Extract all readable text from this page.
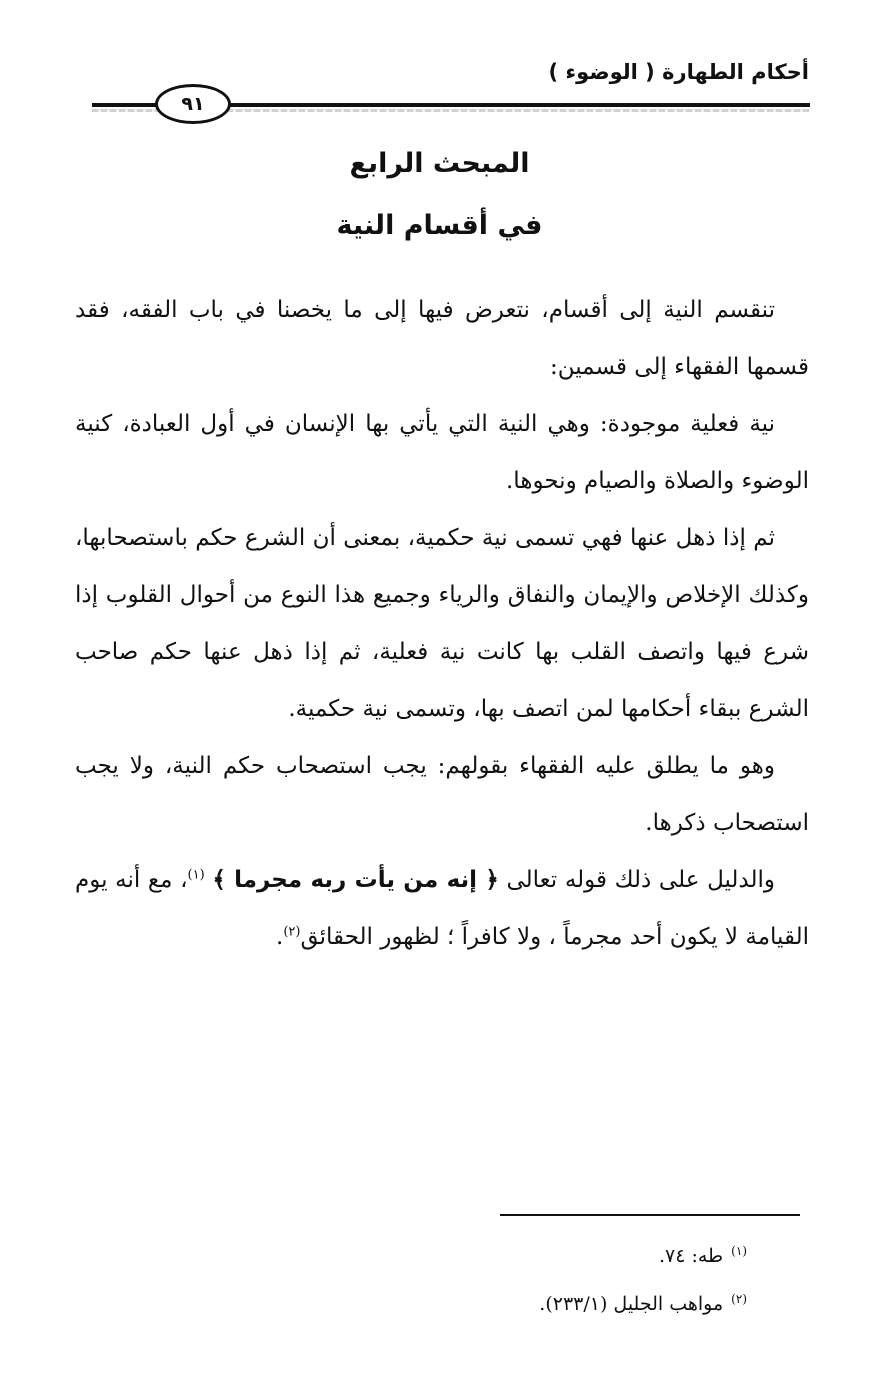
أحكام الطهارة ( الوضوء )
٩١
المبحث الرابع
في أقسام النية

تنقسم النية إلى أقسام، نتعرض فيها إلى ما يخصنا في باب الفقه، فقد قسمها الفقهاء إلى قسمين:

نية فعلية موجودة: وهي النية التي يأتي بها الإنسان في أول العبادة، كنية الوضوء والصلاة والصيام ونحوها.

ثم إذا ذهل عنها فهي تسمى نية حكمية، بمعنى أن الشرع حكم باستصحابها، وكذلك الإخلاص والإيمان والنفاق والرياء وجميع هذا النوع من أحوال القلوب إذا شرع فيها واتصف القلب بها كانت نية فعلية، ثم إذا ذهل عنها حكم صاحب الشرع ببقاء أحكامها لمن اتصف بها، وتسمى نية حكمية.

وهو ما يطلق عليه الفقهاء بقولهم: يجب استصحاب حكم النية، ولا يجب استصحاب ذكرها.

والدليل على ذلك قوله تعالى ﴿ إنه من يأت ربه مجرما ﴾ $^{(١)}$، مع أنه يوم القيامة لا يكون أحد مجرماً ، ولا كافراً ؛ لظهور الحقائق$^{(٢)}$.

$^{(١)}$طه: ٧٤.

$^{(٢)}$مواهب الجليل (٢٣٣/١).
